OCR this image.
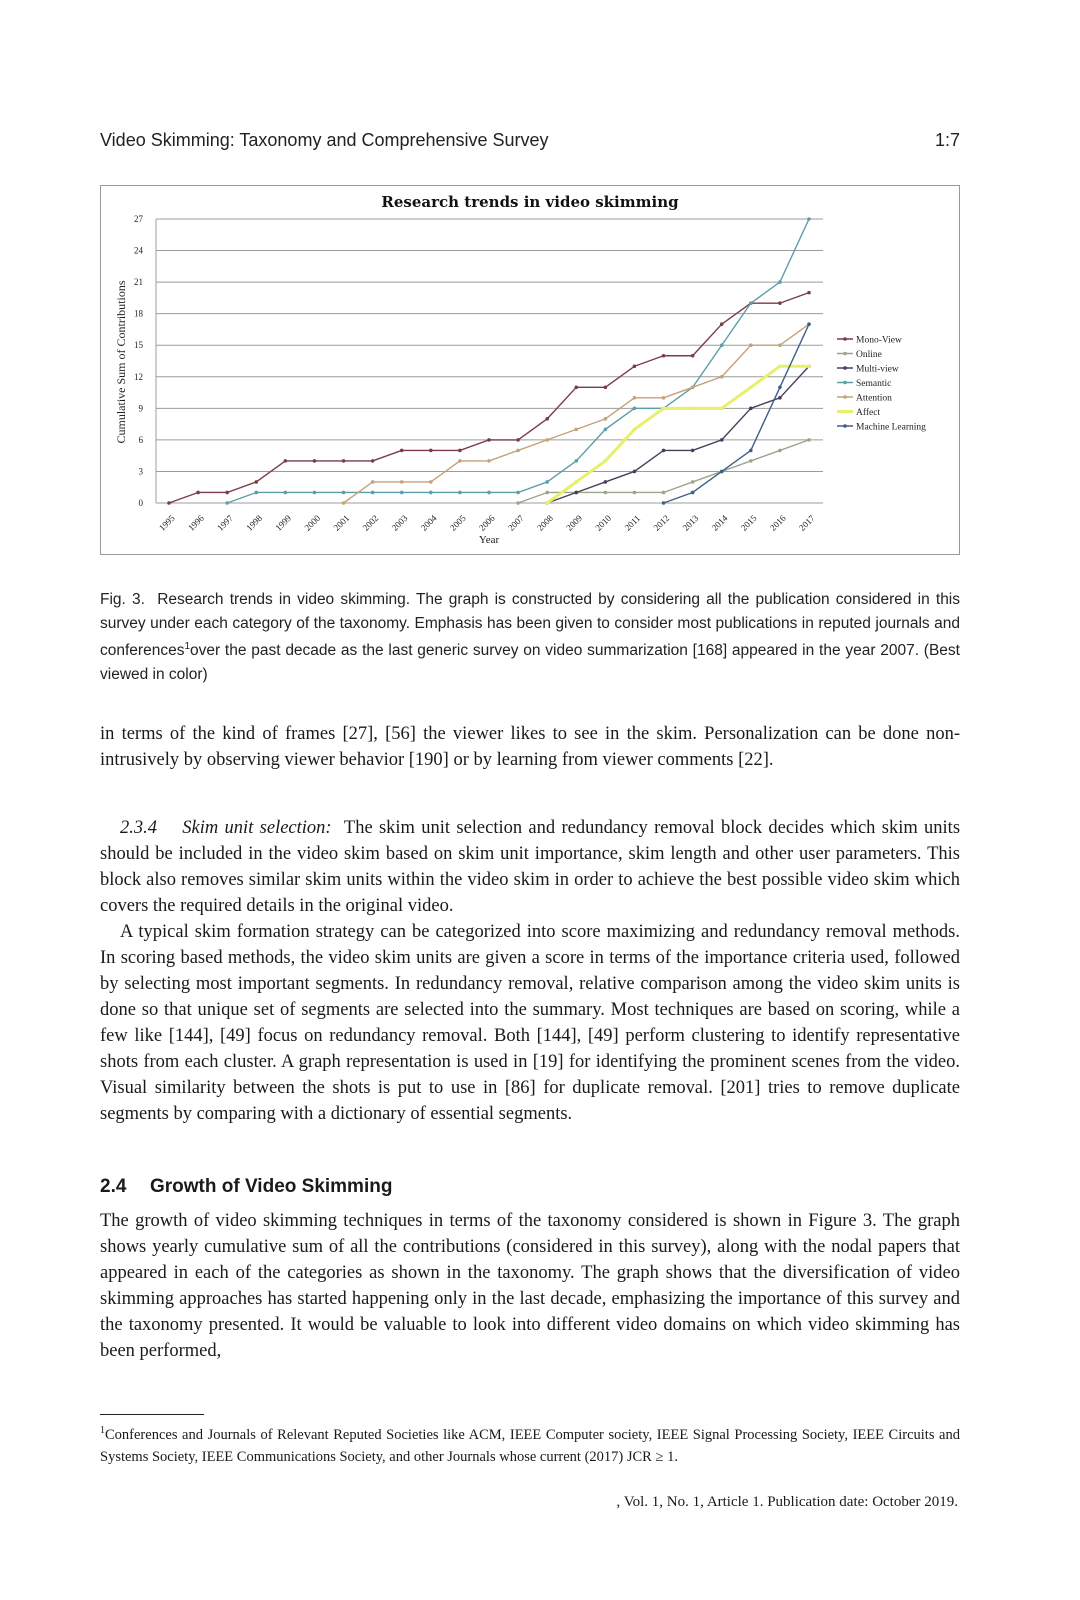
Video Skimming: Taxonomy and Comprehensive Survey	1:7
Research trends in video skimming
0
3
6
9
12
15
18
21
24
27
1995 1996 1997 1998 1999 2000 2001 2002 2003 2004 2005 2006 2007 2008 2009 2010 2011 2012 2013 2014 2015 2016 2017
Year
Cumulative Sum of Contributions	Mono-View
Online
Multi-view
Semantic
Attention
Affect
Machine Learning
Fig. 3. Research trends in video skimming. The graph is constructed by considering all the publication considered in this survey under each category of the taxonomy. Emphasis has been given to consider most publications in reputed journals and conferences$^1$over the past decade as the last generic survey on video summarization [168] appeared in the year 2007. (Best viewed in color)

in terms of the kind of frames [27], [56] the viewer likes to see in the skim. Personalization can be done non-intrusively by observing viewer behavior [190] or by learning from viewer comments [22].

2.3.4 Skim unit selection: The skim unit selection and redundancy removal block decides which skim units should be included in the video skim based on skim unit importance, skim length and other user parameters. This block also removes similar skim units within the video skim in order to achieve the best possible video skim which covers the required details in the original video.

A typical skim formation strategy can be categorized into score maximizing and redundancy removal methods. In scoring based methods, the video skim units are given a score in terms of the importance criteria used, followed by selecting most important segments. In redundancy removal, relative comparison among the video skim units is done so that unique set of segments are selected into the summary. Most techniques are based on scoring, while a few like [144], [49] focus on redundancy removal. Both [144], [49] perform clustering to identify representative shots from each cluster. A graph representation is used in [19] for identifying the prominent scenes from the video. Visual similarity between the shots is put to use in [86] for duplicate removal. [201] tries to remove duplicate segments by comparing with a dictionary of essential segments.

2.4 Growth of Video Skimming

The growth of video skimming techniques in terms of the taxonomy considered is shown in Figure 3. The graph shows yearly cumulative sum of all the contributions (considered in this survey), along with the nodal papers that appeared in each of the categories as shown in the taxonomy. The graph shows that the diversification of video skimming approaches has started happening only in the last decade, emphasizing the importance of this survey and the taxonomy presented. It would be valuable to look into different video domains on which video skimming has been performed,

$^1$Conferences and Journals of Relevant Reputed Societies like ACM, IEEE Computer society, IEEE Signal Processing Society, IEEE Circuits and Systems Society, IEEE Communications Society, and other Journals whose current (2017) JCR ≥ 1.
, Vol. 1, No. 1, Article 1. Publication date: October 2019.
